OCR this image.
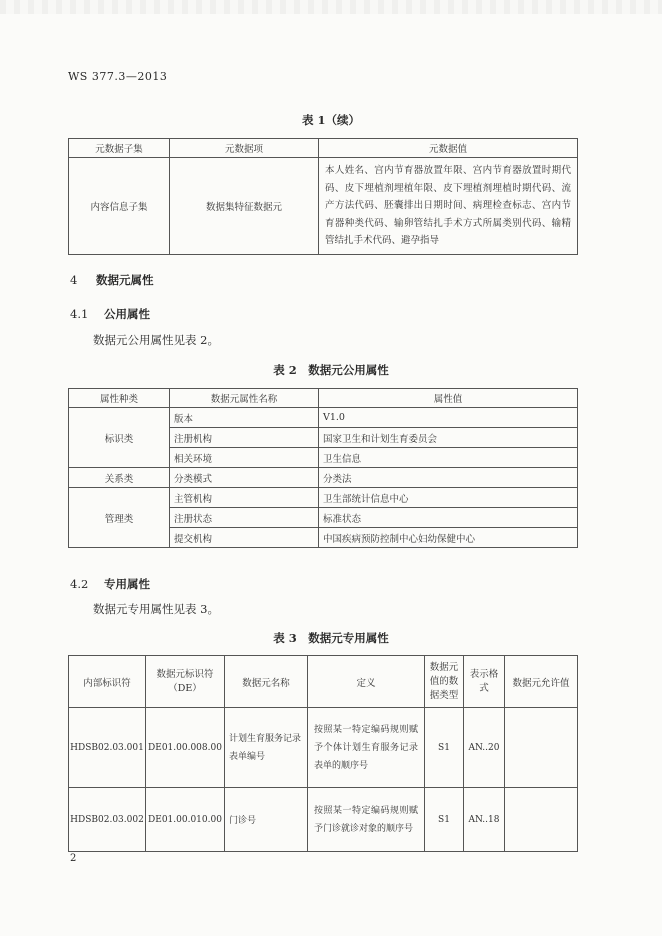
WS 377.3—2013
表 1（续）
元数据子集	元数据项	元数据值
内容信息子集	数据集特征数据元	本人姓名、宫内节育器放置年限、宫内节育器放置时期代码、皮下埋植剂埋植年限、皮下埋植剂埋植时期代码、流产方法代码、胚囊排出日期时间、病理检查标志、宫内节育器种类代码、输卵管结扎手术方式所属类别代码、输精管结扎手术代码、避孕指导
4 数据元属性
4.1 公用属性
数据元公用属性见表 2。
表 2　数据元公用属性
属性种类	数据元属性名称	属性值
标识类	版本	V1.0
	注册机构	国家卫生和计划生育委员会
	相关环境	卫生信息
关系类	分类模式	分类法
管理类	主管机构	卫生部统计信息中心
	注册状态	标准状态
	提交机构	中国疾病预防控制中心妇幼保健中心
4.2 专用属性
数据元专用属性见表 3。
表 3　数据元专用属性
内部标识符	数据元标识符（DE）	数据元名称	定义	数据元值的数据类型	表示格式	数据元允许值
HDSB02.03.001	DE01.00.008.00	计划生育服务记录表单编号	按照某一特定编码规则赋予个体计划生育服务记录表单的顺序号	S1	AN..20	
HDSB02.03.002	DE01.00.010.00	门诊号	按照某一特定编码规则赋予门诊就诊对象的顺序号	S1	AN..18	
2
